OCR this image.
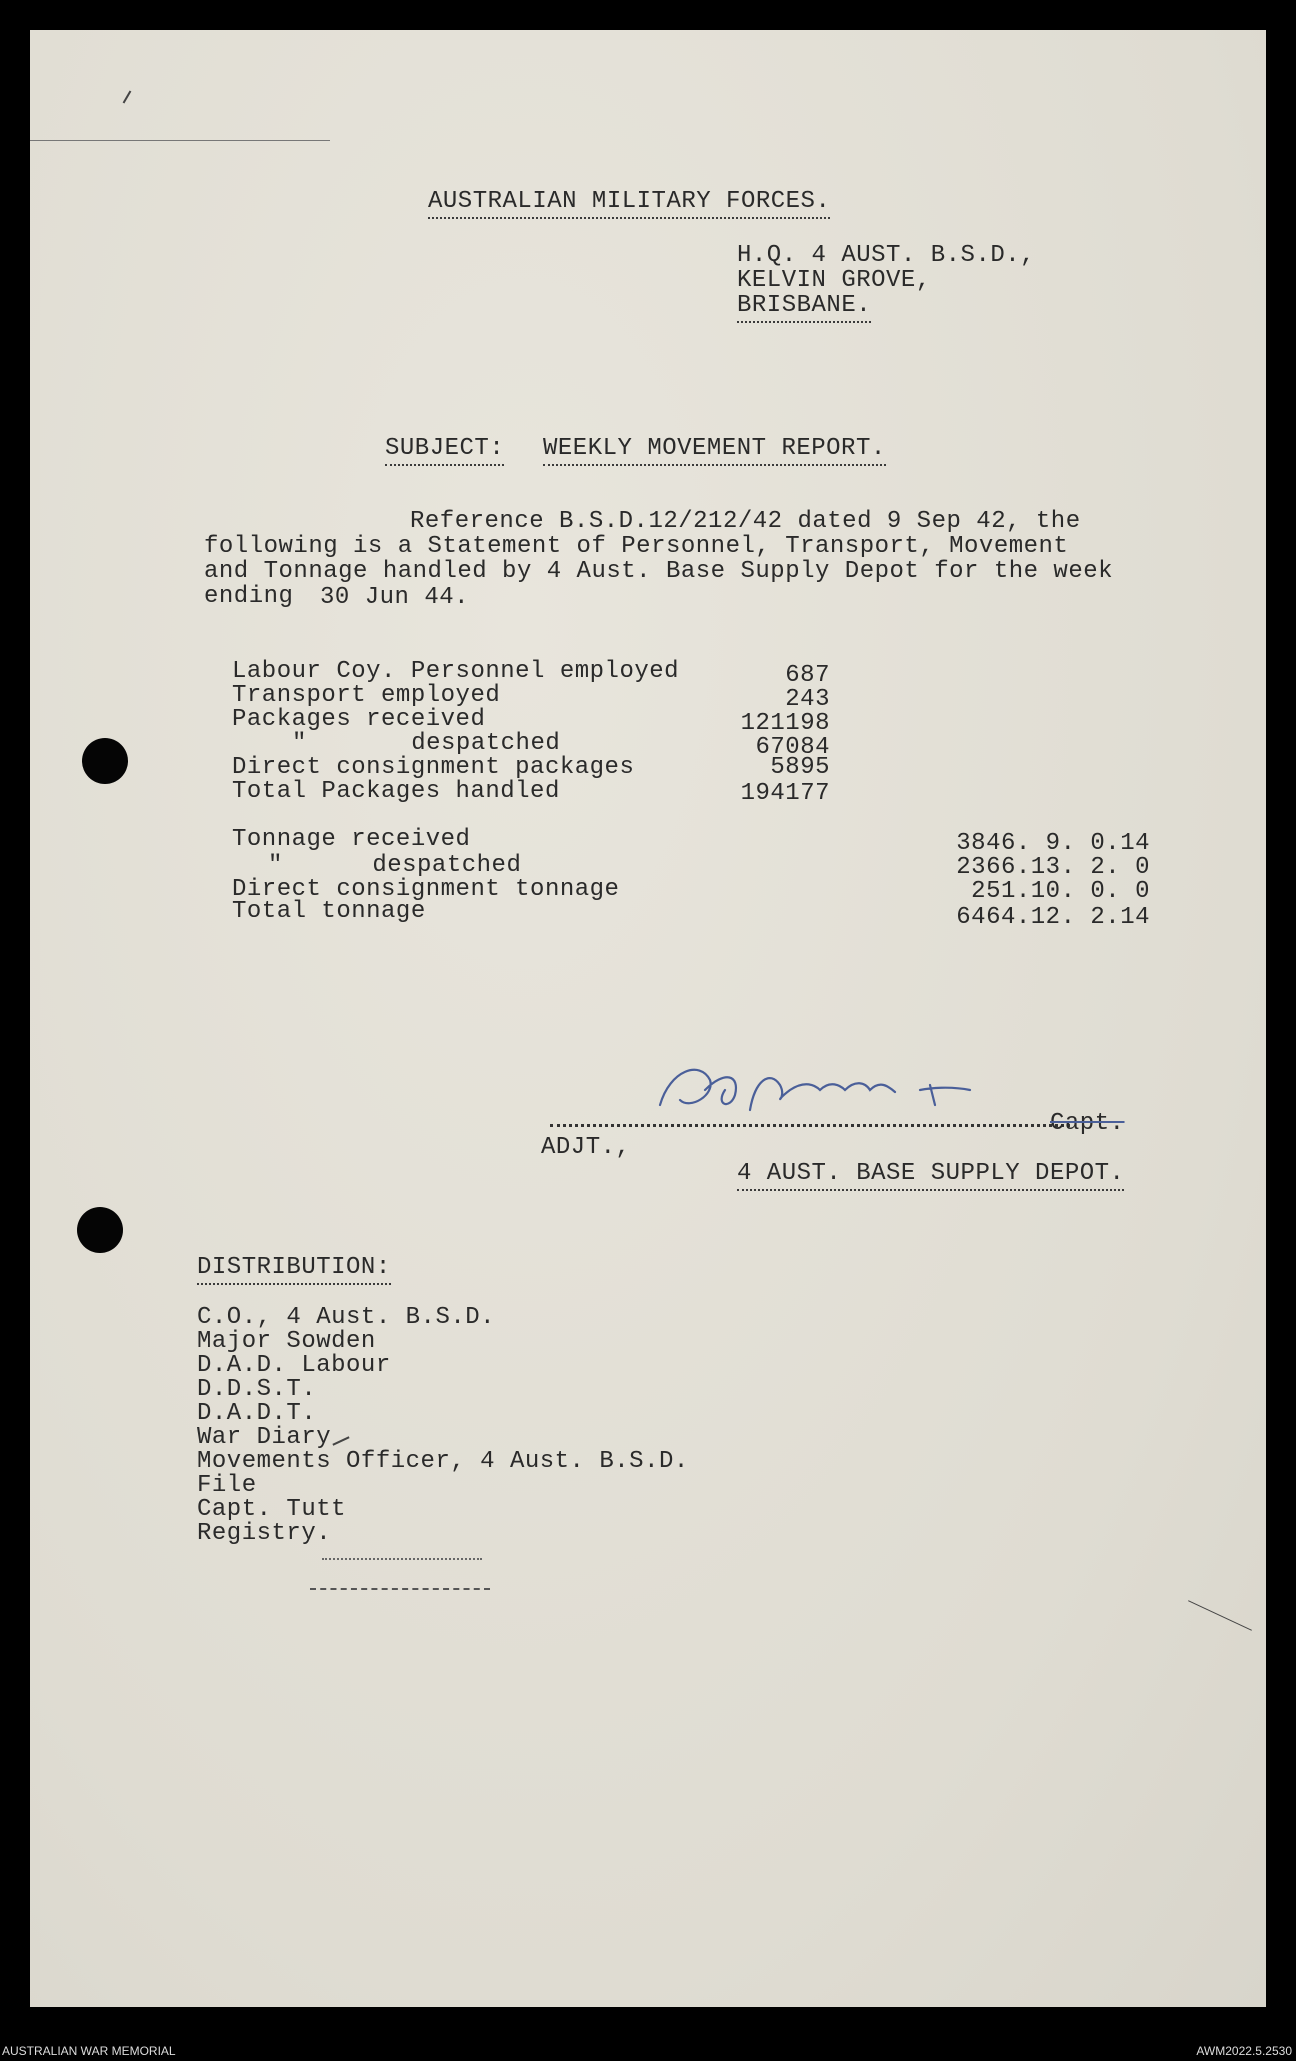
AUSTRALIAN MILITARY FORCES.
H.Q. 4 AUST. B.S.D.,
KELVIN GROVE,
BRISBANE.
SUBJECT: WEEKLY MOVEMENT REPORT.
Reference B.S.D.12/212/42 dated 9 Sep 42, the
following is a Statement of Personnel, Transport, Movement
and Tonnage handled by 4 Aust. Base Supply Depot for the week
ending 30 Jun 44.
Labour Coy. Personnel employed	687
Transport employed	243
Packages received	121198
"       despatched	67084
Direct consignment packages	5895
Total Packages handled	194177
Tonnage received	3846. 9. 0.14
"      despatched	2366.13. 2. 0
Direct consignment tonnage	251.10. 0. 0
Total tonnage	6464.12. 2.14
Capt.
ADJT.,
4 AUST. BASE SUPPLY DEPOT.
DISTRIBUTION:
C.O., 4 Aust. B.S.D.
Major Sowden
D.A.D. Labour
D.D.S.T.
D.A.D.T.
War Diary
Movements Officer, 4 Aust. B.S.D.
File
Capt. Tutt
Registry.
AUSTRALIAN WAR MEMORIAL	AWM2022.5.2530
